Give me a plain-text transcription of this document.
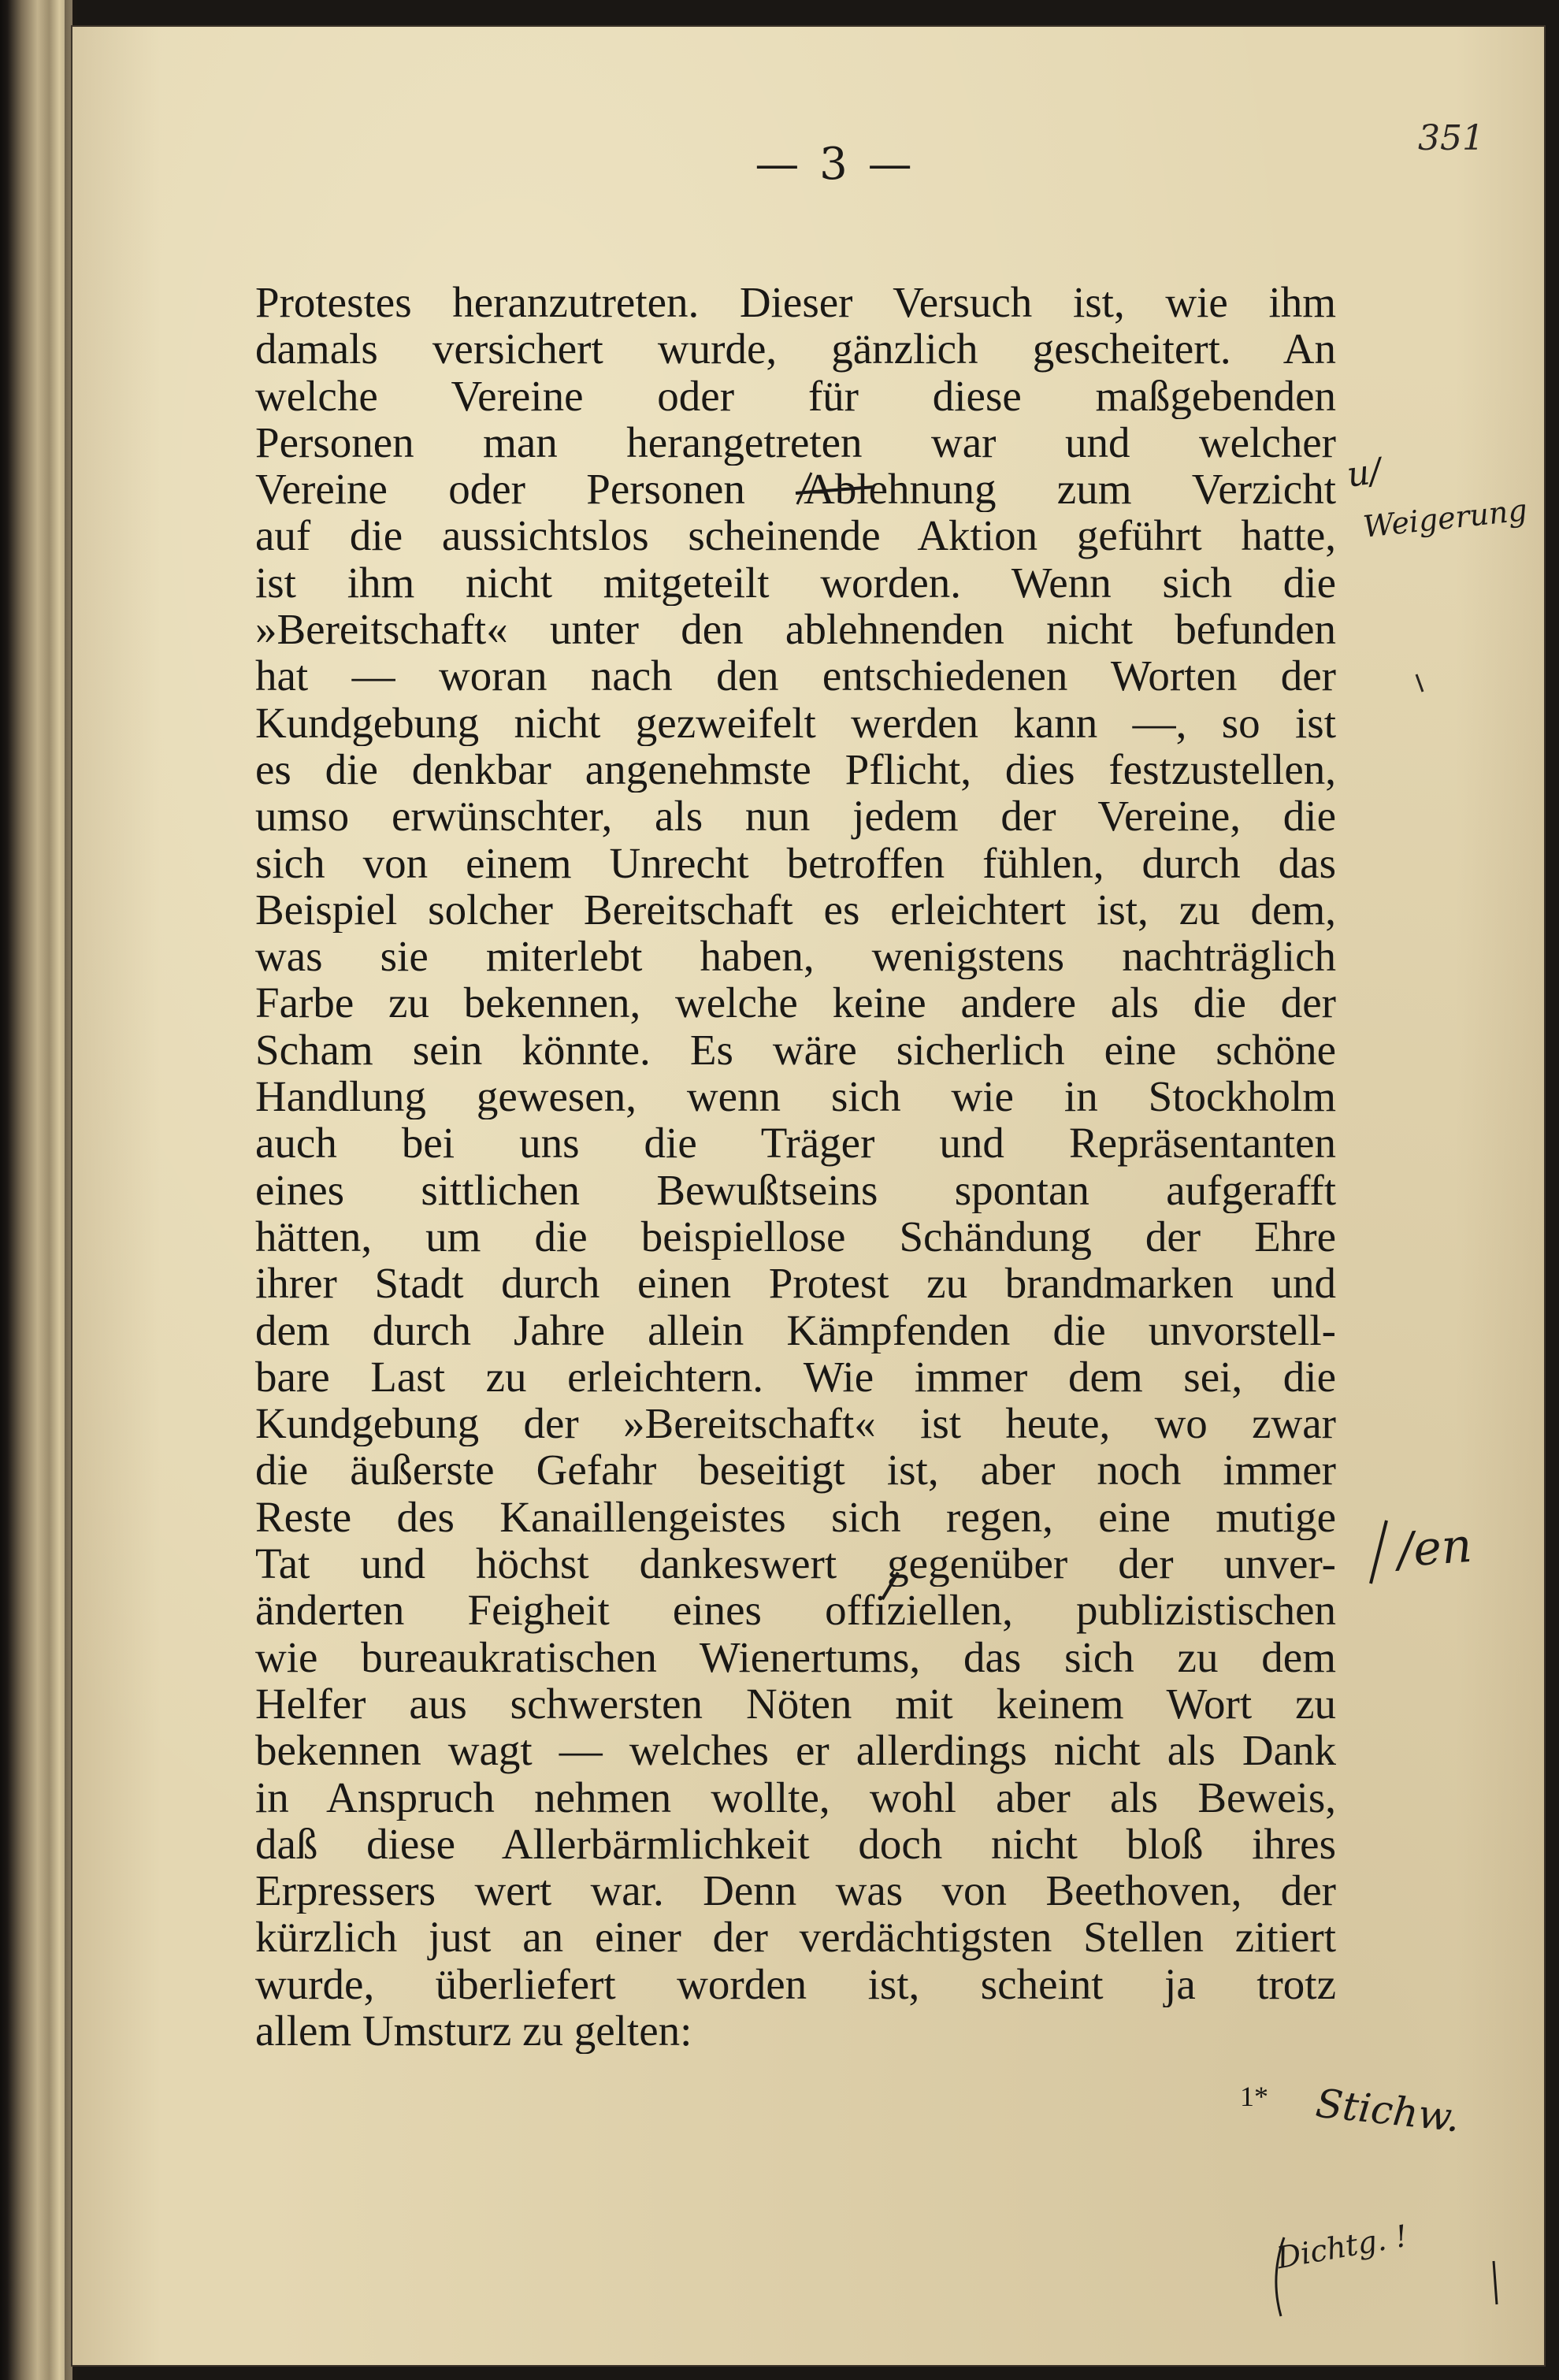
— 3 —
351
Protestes heranzutreten. Dieser Versuch ist, wie ihm
damals versichert wurde, gänzlich gescheitert. An
welche Vereine oder für diese maßgebenden
Personen man herangetreten war und welcher
Vereine oder Personen Ablehnung zum Verzicht
auf die aussichtslos scheinende Aktion geführt hatte,
ist ihm nicht mitgeteilt worden. Wenn sich die
»Bereitschaft« unter den ablehnenden nicht befunden
hat — woran nach den entschiedenen Worten der
Kundgebung nicht gezweifelt werden kann —, so ist
es die denkbar angenehmste Pflicht, dies festzustellen,
umso erwünschter, als nun jedem der Vereine, die
sich von einem Unrecht betroffen fühlen, durch das
Beispiel solcher Bereitschaft es erleichtert ist, zu dem,
was sie miterlebt haben, wenigstens nachträglich
Farbe zu bekennen, welche keine andere als die der
Scham sein könnte. Es wäre sicherlich eine schöne
Handlung gewesen, wenn sich wie in Stockholm
auch bei uns die Träger und Repräsentanten
eines sittlichen Bewußtseins spontan aufgerafft
hätten, um die beispiellose Schändung der Ehre
ihrer Stadt durch einen Protest zu brandmarken und
dem durch Jahre allein Kämpfenden die unvorstell-
bare Last zu erleichtern. Wie immer dem sei, die
Kundgebung der »Bereitschaft« ist heute, wo zwar
die äußerste Gefahr beseitigt ist, aber noch immer
Reste des Kanaillengeistes sich regen, eine mutige
Tat und höchst dankeswert gegenüber der unver-
änderten Feigheit eines offiziellen, publizistischen
wie bureaukratischen Wienertums, das sich zu dem
Helfer aus schwersten Nöten mit keinem Wort zu
bekennen wagt — welches er allerdings nicht als Dank
in Anspruch nehmen wollte, wohl aber als Beweis,
daß diese Allerbärmlichkeit doch nicht bloß ihres
Erpressers wert war. Denn was von Beethoven, der
kürzlich just an einer der verdächtigsten Stellen zitiert
wurde, überliefert worden ist, scheint ja trotz
allem Umsturz zu gelten:
1*
u/
Weigerung
/en
Stichw.
Dichtg. !
